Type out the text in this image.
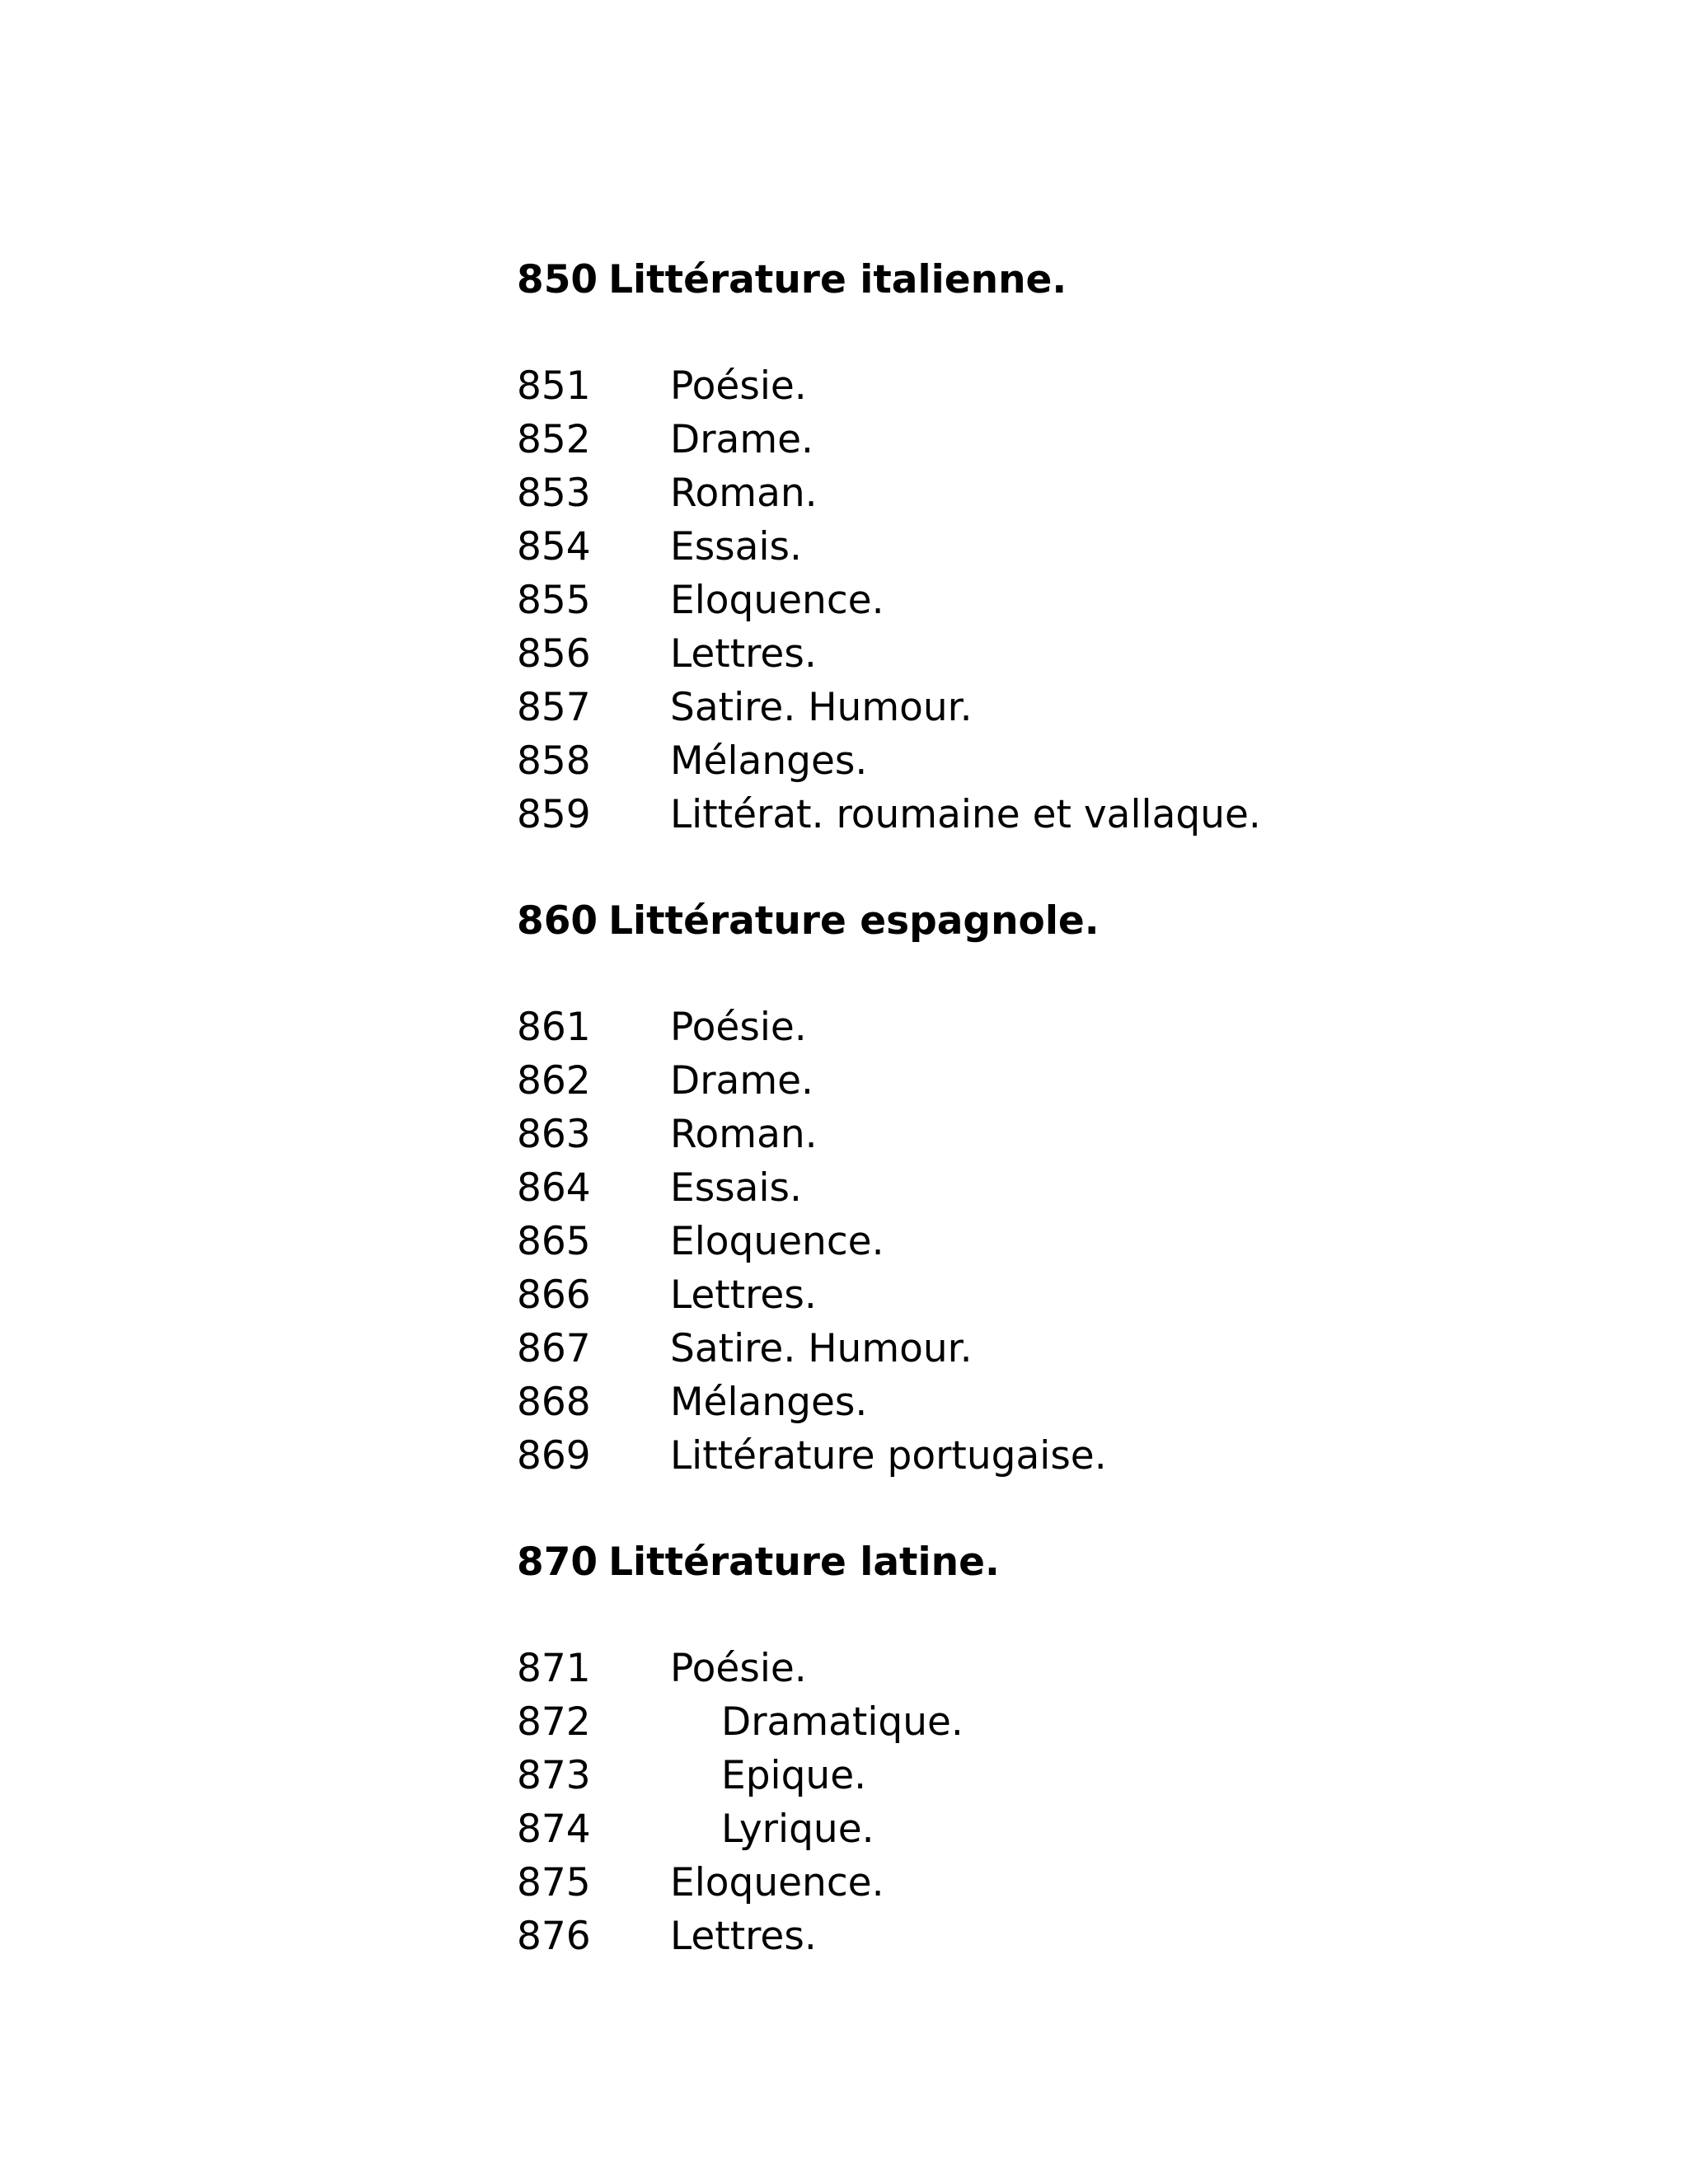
850 Littérature italienne.
851 Poésie.
852 Drame.
853 Roman.
854 Essais.
855 Eloquence.
856 Lettres.
857 Satire. Humour.
858 Mélanges.
859 Littérat. roumaine et vallaque.
860 Littérature espagnole.
861 Poésie.
862 Drame.
863 Roman.
864 Essais.
865 Eloquence.
866 Lettres.
867 Satire. Humour.
868 Mélanges.
869 Littérature portugaise.
870 Littérature latine.
871 Poésie.
872	Dramatique.
873	Epique.
874	Lyrique.
875 Eloquence.
876 Lettres.
